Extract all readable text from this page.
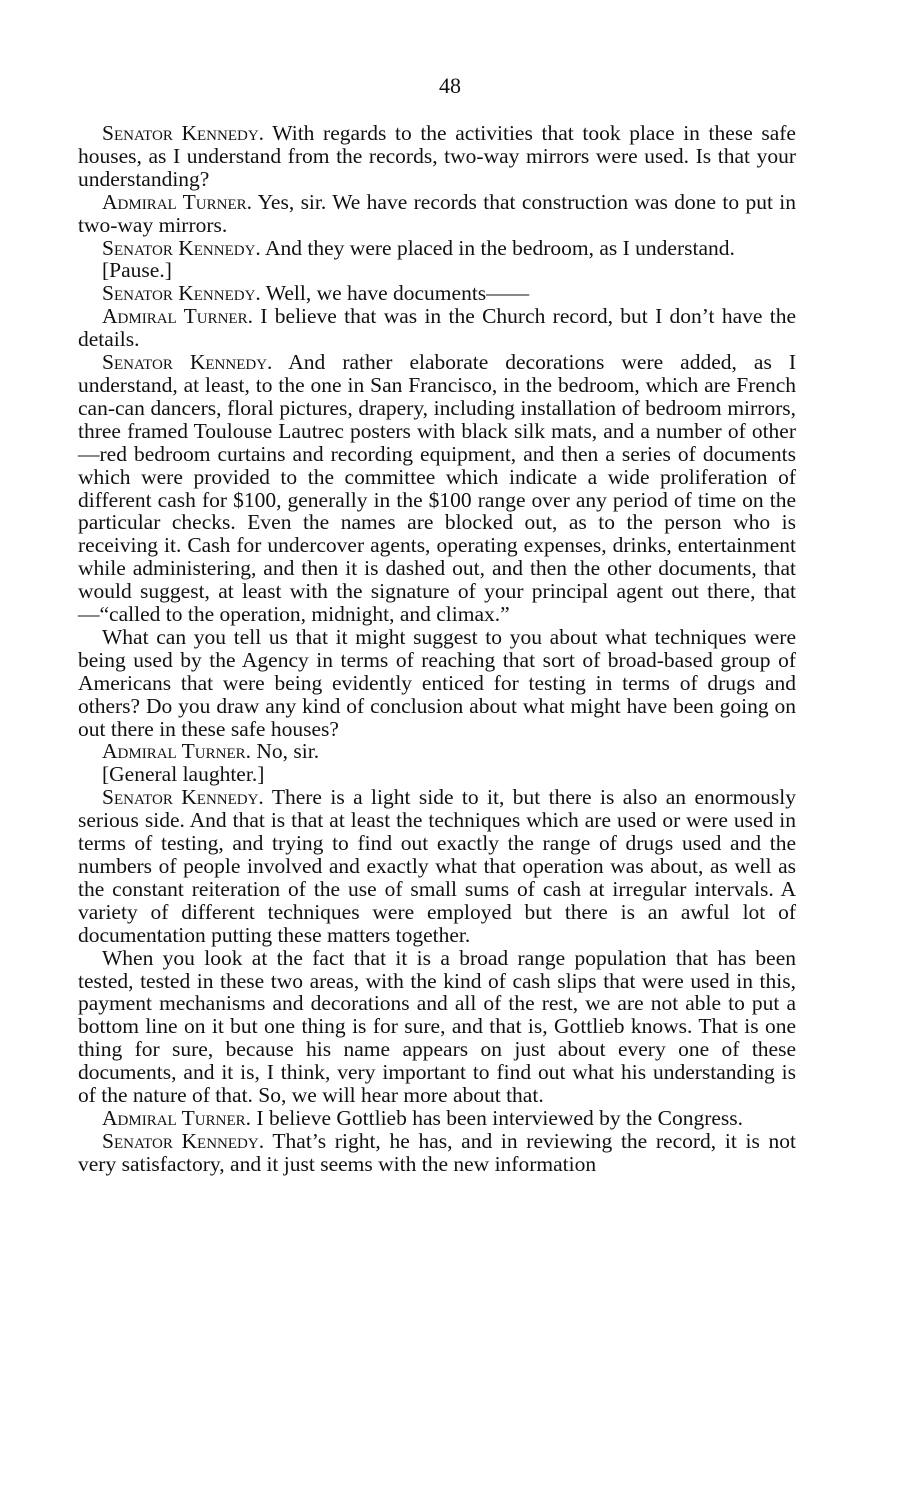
48

Senator Kennedy. With regards to the activities that took place in these safe houses, as I understand from the records, two-way mirrors were used. Is that your understanding?

Admiral Turner. Yes, sir. We have records that construction was done to put in two-way mirrors.

Senator Kennedy. And they were placed in the bedroom, as I understand.

[Pause.]

Senator Kennedy. Well, we have documents——

Admiral Turner. I believe that was in the Church record, but I don’t have the details.

Senator Kennedy. And rather elaborate decorations were added, as I understand, at least, to the one in San Francisco, in the bedroom, which are French can-can dancers, floral pictures, drapery, including installation of bedroom mirrors, three framed Toulouse Lautrec posters with black silk mats, and a number of other—red bedroom curtains and recording equipment, and then a series of documents which were provided to the committee which indicate a wide proliferation of different cash for $100, generally in the $100 range over any period of time on the particular checks. Even the names are blocked out, as to the person who is receiving it. Cash for undercover agents, operating expenses, drinks, entertainment while administering, and then it is dashed out, and then the other documents, that would suggest, at least with the signature of your principal agent out there, that—“called to the operation, midnight, and climax.”

What can you tell us that it might suggest to you about what techniques were being used by the Agency in terms of reaching that sort of broad-based group of Americans that were being evidently enticed for testing in terms of drugs and others? Do you draw any kind of conclusion about what might have been going on out there in these safe houses?

Admiral Turner. No, sir.

[General laughter.]

Senator Kennedy. There is a light side to it, but there is also an enormously serious side. And that is that at least the techniques which are used or were used in terms of testing, and trying to find out exactly the range of drugs used and the numbers of people involved and exactly what that operation was about, as well as the constant reiteration of the use of small sums of cash at irregular intervals. A variety of different techniques were employed but there is an awful lot of documentation putting these matters together.

When you look at the fact that it is a broad range population that has been tested, tested in these two areas, with the kind of cash slips that were used in this, payment mechanisms and decorations and all of the rest, we are not able to put a bottom line on it but one thing is for sure, and that is, Gottlieb knows. That is one thing for sure, because his name appears on just about every one of these documents, and it is, I think, very important to find out what his understanding is of the nature of that. So, we will hear more about that.

Admiral Turner. I believe Gottlieb has been interviewed by the Congress.

Senator Kennedy. That’s right, he has, and in reviewing the record, it is not very satisfactory, and it just seems with the new information
